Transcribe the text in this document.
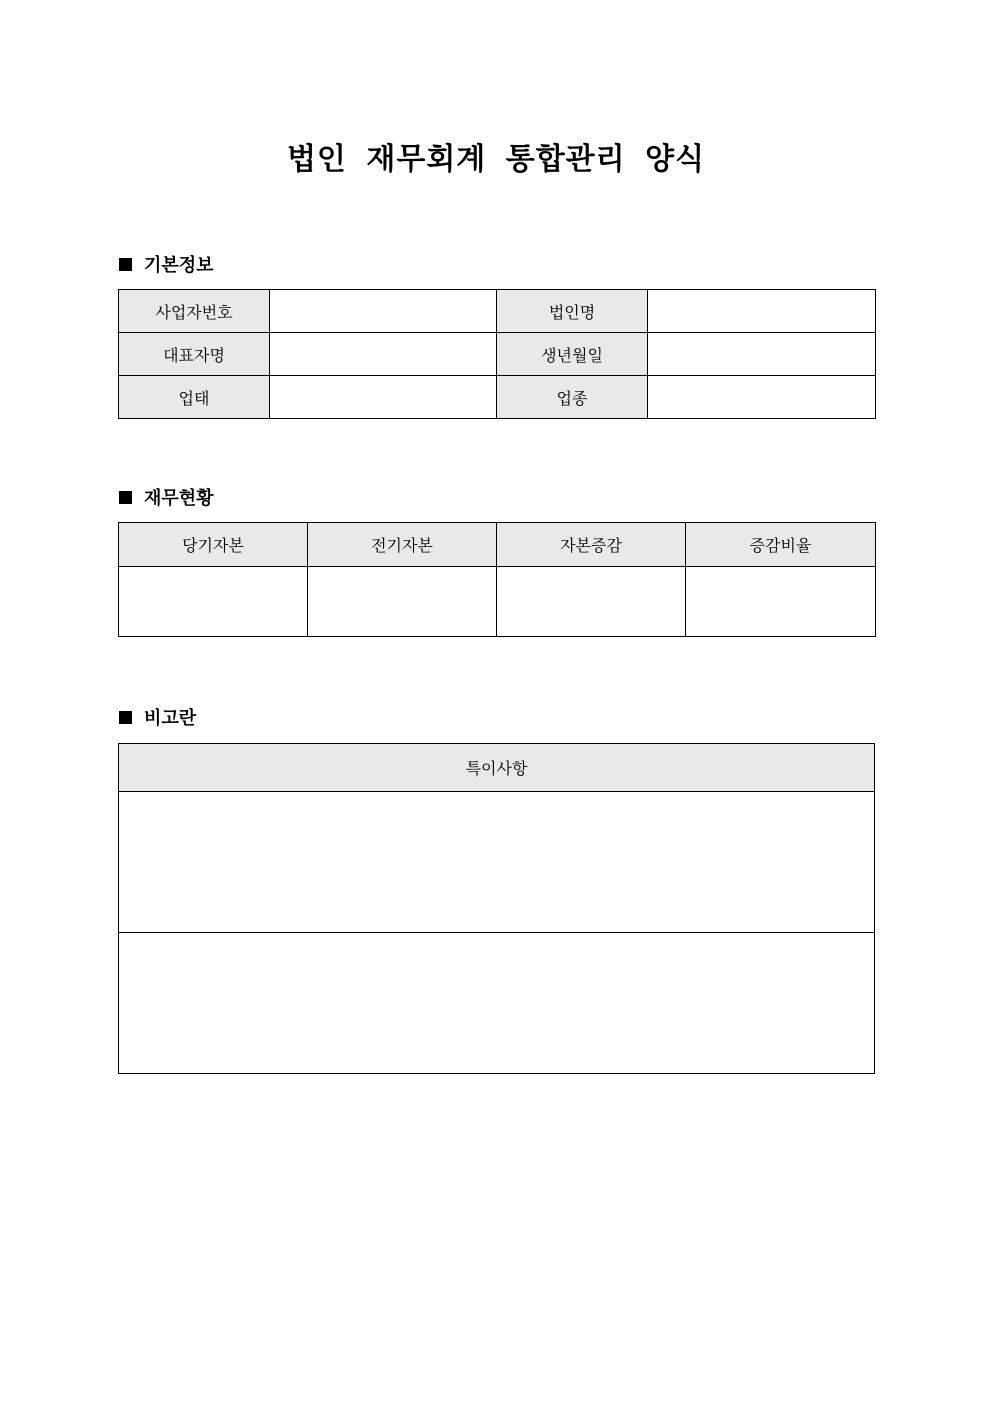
법인 재무회계 통합관리 양식
기본정보
사업자번호		법인명	
대표자명		생년월일	
업태		업종	
재무현황
당기자본	전기자본	자본증감	증감비율

비고란
특이사항
